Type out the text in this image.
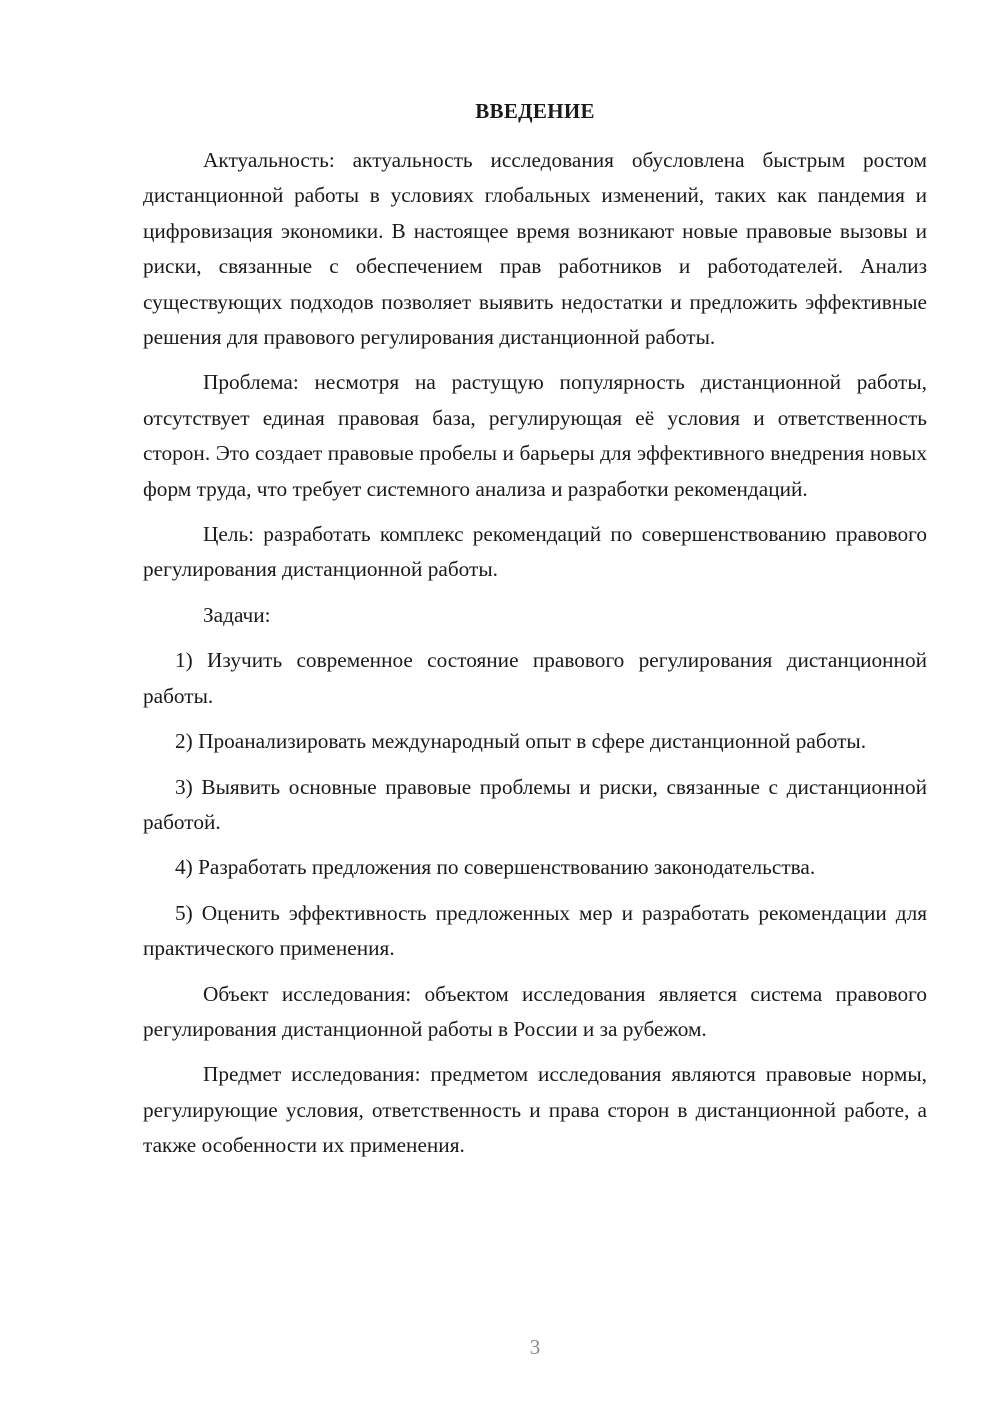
ВВЕДЕНИЕ

Актуальность: актуальность исследования обусловлена быстрым ростом дистанционной работы в условиях глобальных изменений, таких как пандемия и цифровизация экономики. В настоящее время возникают новые правовые вызовы и риски, связанные с обеспечением прав работников и работодателей. Анализ существующих подходов позволяет выявить недостатки и предложить эффективные решения для правового регулирования дистанционной работы.

Проблема: несмотря на растущую популярность дистанционной работы, отсутствует единая правовая база, регулирующая её условия и ответственность сторон. Это создает правовые пробелы и барьеры для эффективного внедрения новых форм труда, что требует системного анализа и разработки рекомендаций.

Цель: разработать комплекс рекомендаций по совершенствованию правового регулирования дистанционной работы.

Задачи:

1) Изучить современное состояние правового регулирования дистанционной работы.

2) Проанализировать международный опыт в сфере дистанционной работы.

3) Выявить основные правовые проблемы и риски, связанные с дистанционной работой.

4) Разработать предложения по совершенствованию законодательства.

5) Оценить эффективность предложенных мер и разработать рекомендации для практического применения.

Объект исследования: объектом исследования является система правового регулирования дистанционной работы в России и за рубежом.

Предмет исследования: предметом исследования являются правовые нормы, регулирующие условия, ответственность и права сторон в дистанционной работе, а также особенности их применения.

3
